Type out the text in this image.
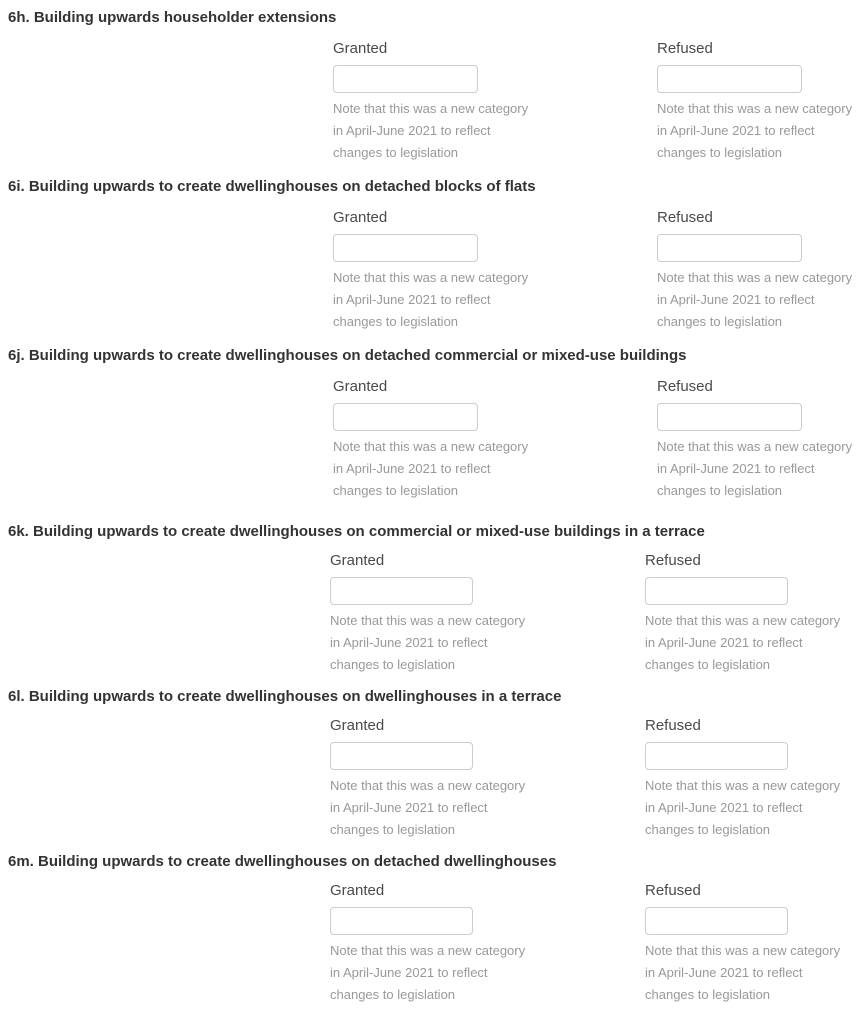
6h. Building upwards householder extensions
Granted
Note that this was a new category
in April-June 2021 to reflect
changes to legislation
Refused
Note that this was a new category
in April-June 2021 to reflect
changes to legislation
6i. Building upwards to create dwellinghouses on detached blocks of flats
Granted
Note that this was a new category
in April-June 2021 to reflect
changes to legislation
Refused
Note that this was a new category
in April-June 2021 to reflect
changes to legislation
6j. Building upwards to create dwellinghouses on detached commercial or mixed-use buildings
Granted
Note that this was a new category
in April-June 2021 to reflect
changes to legislation
Refused
Note that this was a new category
in April-June 2021 to reflect
changes to legislation
6k. Building upwards to create dwellinghouses on commercial or mixed-use buildings in a terrace
Granted
Note that this was a new category
in April-June 2021 to reflect
changes to legislation
Refused
Note that this was a new category
in April-June 2021 to reflect
changes to legislation
6l. Building upwards to create dwellinghouses on dwellinghouses in a terrace
Granted
Note that this was a new category
in April-June 2021 to reflect
changes to legislation
Refused
Note that this was a new category
in April-June 2021 to reflect
changes to legislation
6m. Building upwards to create dwellinghouses on detached dwellinghouses
Granted
Note that this was a new category
in April-June 2021 to reflect
changes to legislation
Refused
Note that this was a new category
in April-June 2021 to reflect
changes to legislation
